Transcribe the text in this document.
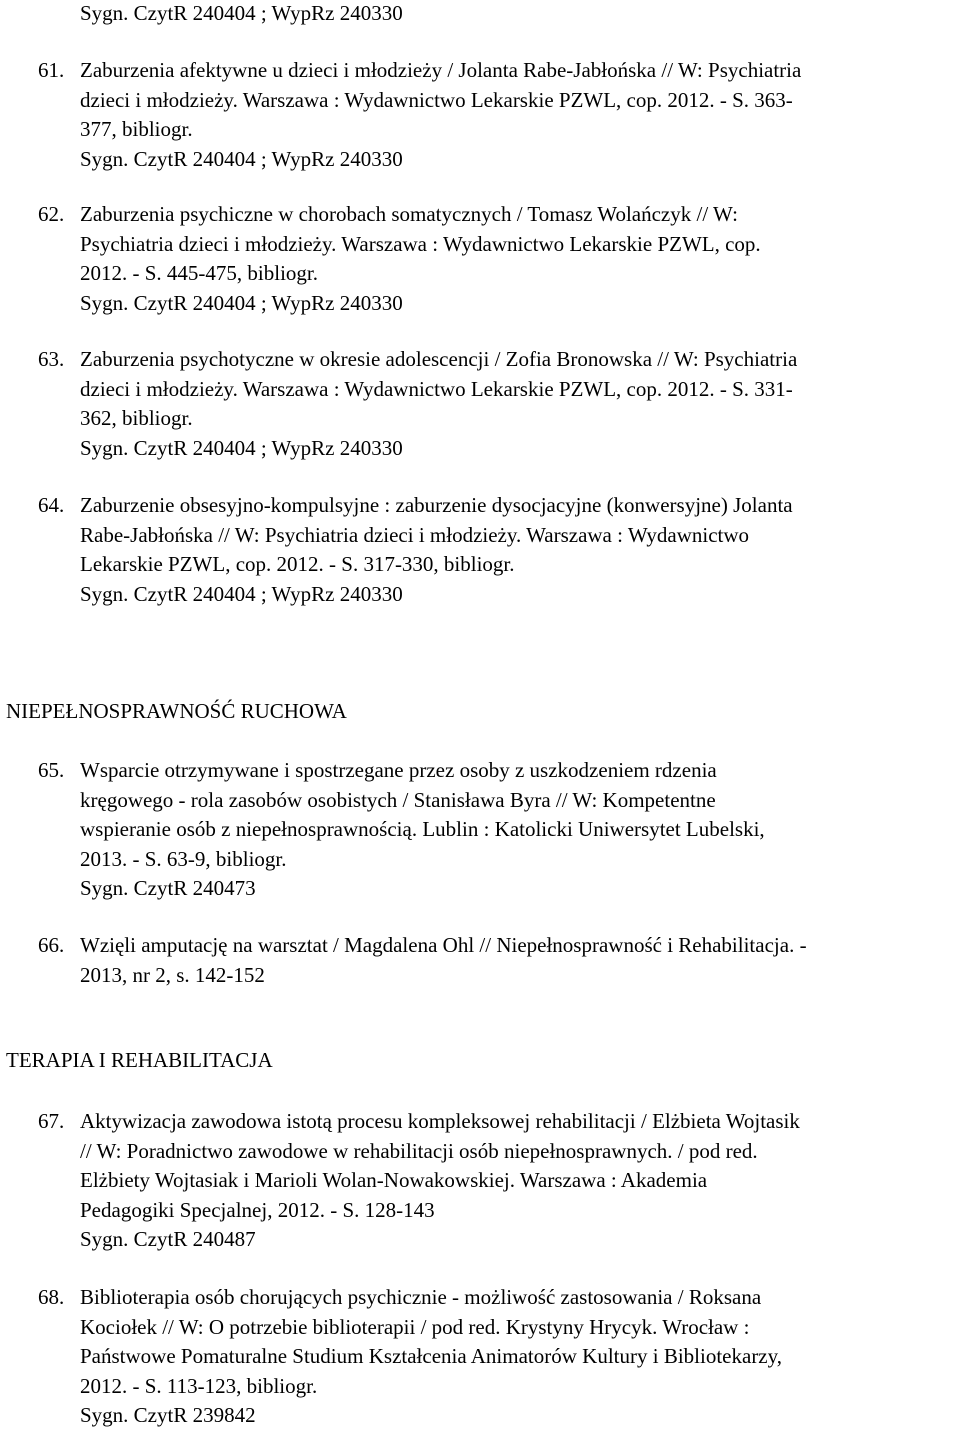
Sygn. CzytR 240404 ; WypRz 240330
61. Zaburzenia afektywne u dzieci i młodzieży / Jolanta Rabe-Jabłońska // W: Psychiatria
dzieci i młodzieży. Warszawa : Wydawnictwo Lekarskie PZWL, cop. 2012. - S. 363-
377, bibliogr.
Sygn. CzytR 240404 ; WypRz 240330
62. Zaburzenia psychiczne w chorobach somatycznych / Tomasz Wolańczyk // W:
Psychiatria dzieci i młodzieży. Warszawa : Wydawnictwo Lekarskie PZWL, cop.
2012. - S. 445-475, bibliogr.
Sygn. CzytR 240404 ; WypRz 240330
63. Zaburzenia psychotyczne w okresie adolescencji / Zofia Bronowska // W: Psychiatria
dzieci i młodzieży. Warszawa : Wydawnictwo Lekarskie PZWL, cop. 2012. - S. 331-
362, bibliogr.
Sygn. CzytR 240404 ; WypRz 240330
64. Zaburzenie obsesyjno-kompulsyjne : zaburzenie dysocjacyjne (konwersyjne) Jolanta
Rabe-Jabłońska // W: Psychiatria dzieci i młodzieży. Warszawa : Wydawnictwo
Lekarskie PZWL, cop. 2012. - S. 317-330, bibliogr.
Sygn. CzytR 240404 ; WypRz 240330
NIEPEŁNOSPRAWNOŚĆ RUCHOWA
65. Wsparcie otrzymywane i spostrzegane przez osoby z uszkodzeniem rdzenia
kręgowego - rola zasobów osobistych / Stanisława Byra // W: Kompetentne
wspieranie osób z niepełnosprawnością. Lublin : Katolicki Uniwersytet Lubelski,
2013. - S. 63-9, bibliogr.
Sygn. CzytR 240473
66. Wzięli amputację na warsztat / Magdalena Ohl // Niepełnosprawność i Rehabilitacja. -
2013, nr 2, s. 142-152
TERAPIA I REHABILITACJA
67. Aktywizacja zawodowa istotą procesu kompleksowej rehabilitacji / Elżbieta Wojtasik
// W: Poradnictwo zawodowe w rehabilitacji osób niepełnosprawnych. / pod red.
Elżbiety Wojtasiak i Marioli Wolan-Nowakowskiej. Warszawa : Akademia
Pedagogiki Specjalnej, 2012. - S. 128-143
Sygn. CzytR 240487
68. Biblioterapia osób chorujących psychicznie - możliwość zastosowania / Roksana
Kociołek // W: O potrzebie biblioterapii / pod red. Krystyny Hrycyk. Wrocław :
Państwowe Pomaturalne Studium Kształcenia Animatorów Kultury i Bibliotekarzy,
2012. - S. 113-123, bibliogr.
Sygn. CzytR 239842
